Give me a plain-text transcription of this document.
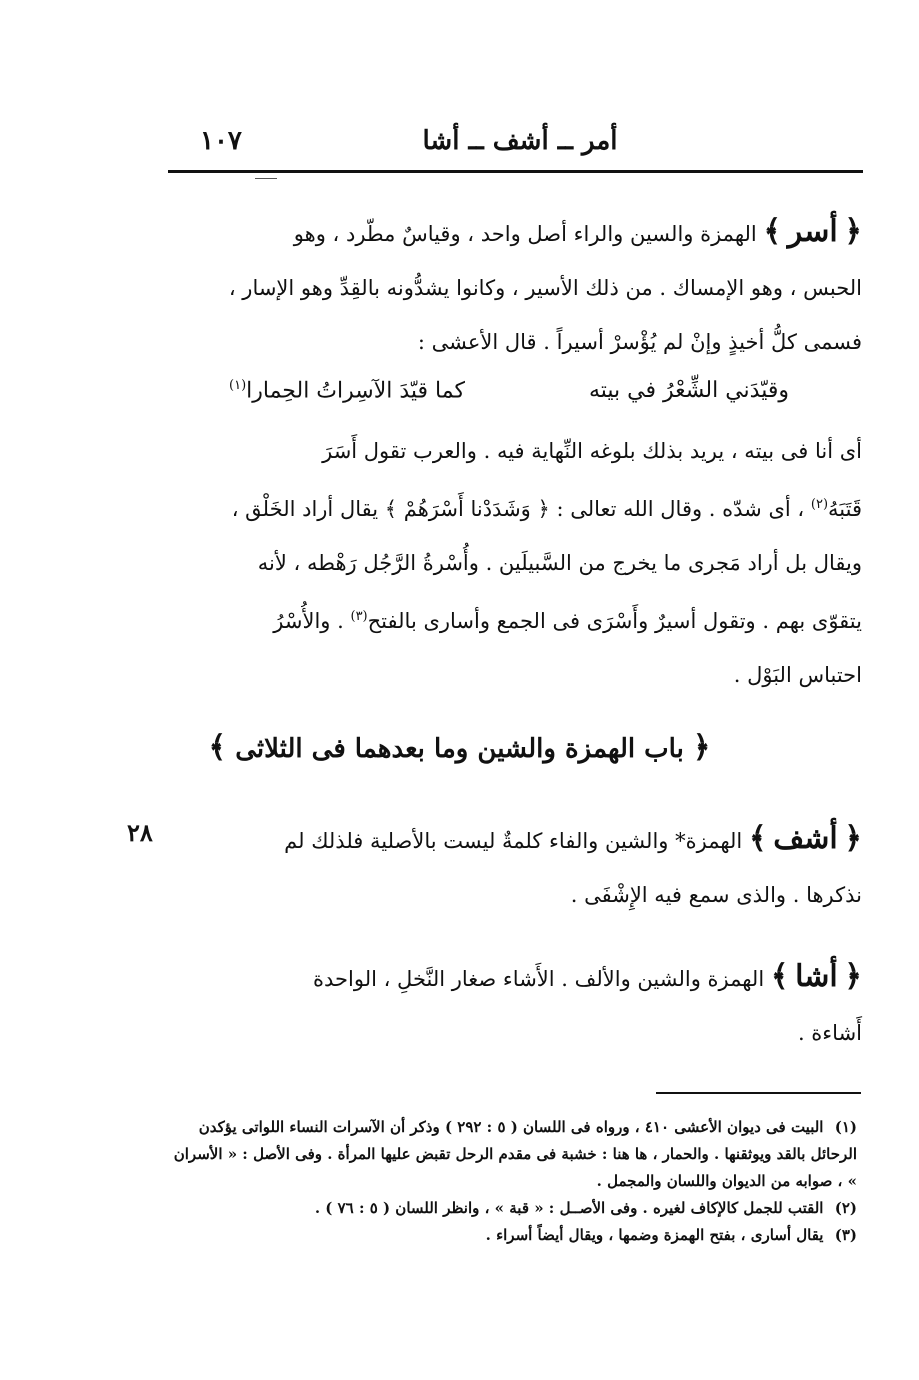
أمر ــ أشف ــ أشا
١٠٧
﴿ أسر ﴾ الهمزة والسين والراء أصل واحد ، وقياسٌ مطّرد ، وهو
الحبس ، وهو الإمساك . من ذلك الأسير ، وكانوا يشدُّونه بالقِدِّ وهو الإسار ،
فسمى كلُّ أخيذٍ وإنْ لم يُؤْسرْ أسيراً . قال الأعشى :
وقيّدَني الشِّعْرُ في بيته
كما قيّدَ الآسِراتُ الحِمارا$^{(١)}$
أى أنا فى بيته ، يريد بذلك بلوغه النِّهاية فيه . والعرب تقول أَسَرَ
قَتَبَهُ$^{(٢)}$ ، أى شدّه . وقال الله تعالى : ﴿ وَشَدَدْنا أَسْرَهُمْ ﴾ يقال أراد الخَلْق ،
ويقال بل أراد مَجرى ما يخرج من السَّبيلَين . وأُسْرةُ الرَّجُل رَهْطه ، لأنه
يتقوّى بهم . وتقول أسيرٌ وأَسْرَى فى الجمع وأسارى بالفتح$^{(٣)}$ . والأُسْرُ
احتباس البَوْل .
﴿ باب الهمزة والشين وما بعدهما فى الثلاثى ﴾
٢٨	﴿ أشف ﴾ الهمزة* والشين والفاء كلمةٌ ليست بالأصلية فلذلك لم
نذكرها . والذى سمع فيه الإِشْفَى .
﴿ أشا ﴾ الهمزة والشين والألف . الأَشاء صغار النَّخلِ ، الواحدة
أَشاءة .

(١) البيت فى ديوان الأعشى ٤١٠ ، ورواه فى اللسان ( ٥ : ٢٩٢ ) وذكر أن الآسرات النساء اللواتى يؤكدن الرحائل بالقد ويوثقنها . والحمار ، ها هنا : خشبة فى مقدم الرحل تقبض عليها المرأة . وفى الأصل : « الأسران » ، صوابه من الديوان واللسان والمجمل .

(٢) القتب للجمل كالإكاف لغيره . وفى الأصــل : « قبة » ، وانظر اللسان ( ٥ : ٧٦ ) .

(٣) يقال أسارى ، بفتح الهمزة وضمها ، ويقال أيضاً أسراء .
